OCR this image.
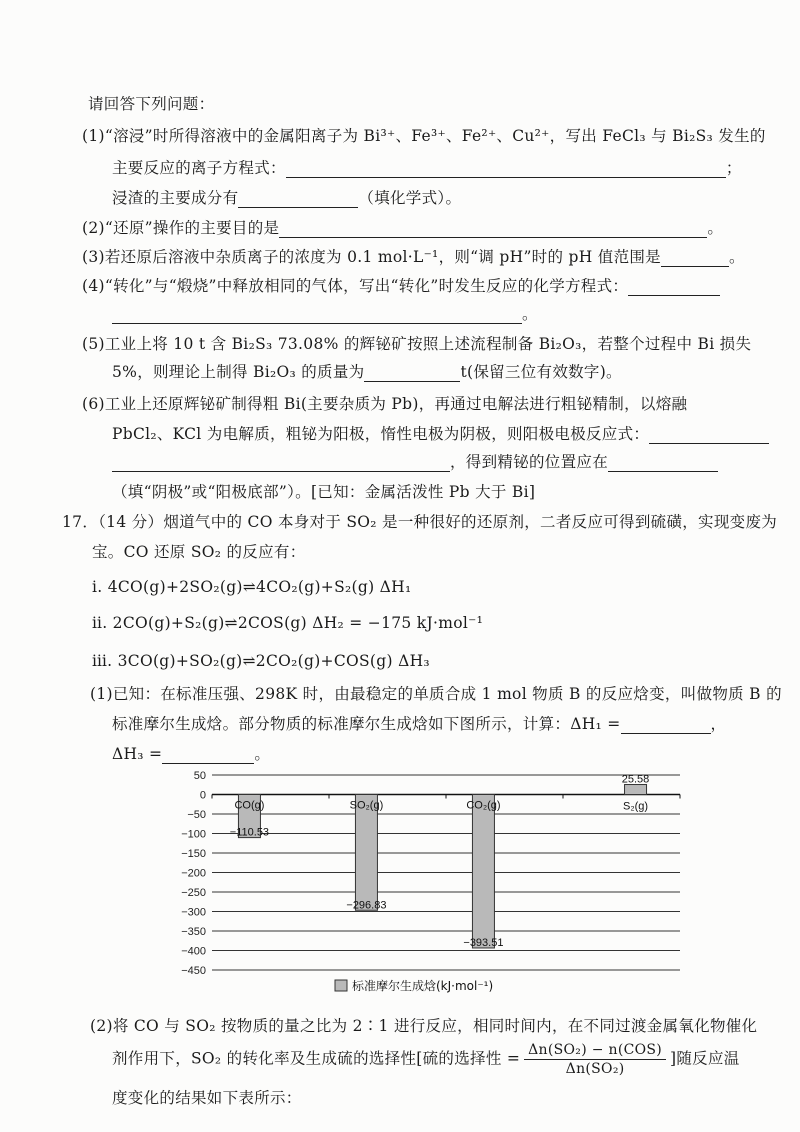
请回答下列问题：
(1)“溶浸”时所得溶液中的金属阳离子为 Bi³⁺、Fe³⁺、Fe²⁺、Cu²⁺，写出 FeCl₃ 与 Bi₂S₃ 发生的
主要反应的离子方程式：	；
浸渣的主要成分有	（填化学式）。
(2)“还原”操作的主要目的是	。
(3)若还原后溶液中杂质离子的浓度为 0.1 mol·L⁻¹，则“调 pH”时的 pH 值范围是	。
(4)“转化”与“煅烧”中释放相同的气体，写出“转化”时发生反应的化学方程式：
。
(5)工业上将 10 t 含 Bi₂S₃ 73.08% 的辉铋矿按照上述流程制备 Bi₂O₃，若整个过程中 Bi 损失
5%，则理论上制得 Bi₂O₃ 的质量为	t(保留三位有效数字)。
(6)工业上还原辉铋矿制得粗 Bi(主要杂质为 Pb)，再通过电解法进行粗铋精制，以熔融
PbCl₂、KCl 为电解质，粗铋为阳极，惰性电极为阴极，则阳极电极反应式：
，得到精铋的位置应在
（填“阴极”或“阳极底部”）。[已知：金属活泼性 Pb 大于 Bi]
17．（14 分）烟道气中的 CO 本身对于 SO₂ 是一种很好的还原剂，二者反应可得到硫磺，实现变废为
宝。CO 还原 SO₂ 的反应有：
ⅰ. 4CO(g)+2SO₂(g)⇌4CO₂(g)+S₂(g) ΔH₁
ⅱ. 2CO(g)+S₂(g)⇌2COS(g) ΔH₂ = −175 kJ·mol⁻¹
ⅲ. 3CO(g)+SO₂(g)⇌2CO₂(g)+COS(g) ΔH₃
(1)已知：在标准压强、298K 时，由最稳定的单质合成 1 mol 物质 B 的反应焓变，叫做物质 B 的
标准摩尔生成焓。部分物质的标准摩尔生成焓如下图所示，计算：ΔH₁ =	，
ΔH₃ =	。
50
0
−50
−100
−150
−200
−250
−300
−350
−400
−450
CO(g)
−110.53
SO₂(g)
−296.83
CO₂(g)
−393.51
S₂(g)
25.58
标准摩尔生成焓(kJ·mol⁻¹)
(2)将 CO 与 SO₂ 按物质的量之比为 2∶1 进行反应，相同时间内，在不同过渡金属氧化物催化
剂作用下，SO₂ 的转化率及生成硫的选择性[硫的选择性 = $\frac{\text{Δn(SO₂) − n(COS)}}{\text{Δn(SO₂)}}$ ]随反应温
度变化的结果如下表所示：
